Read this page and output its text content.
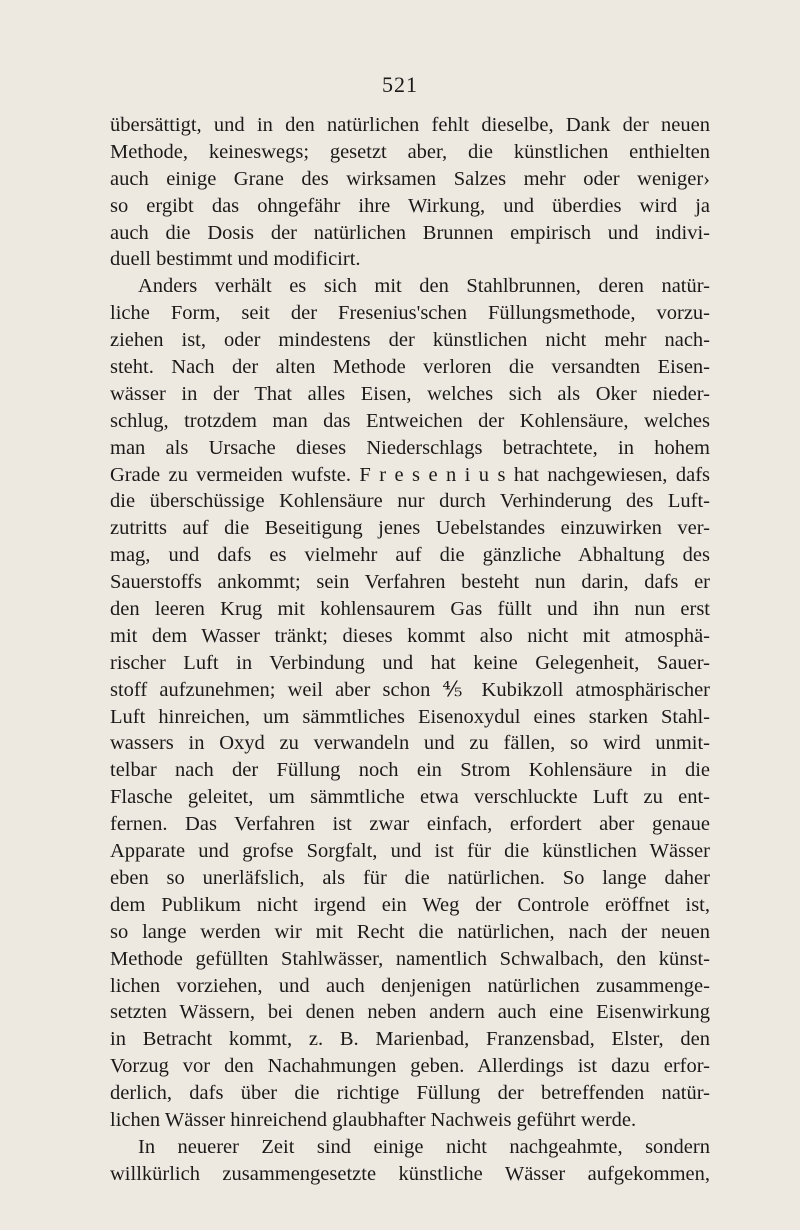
521
übersättigt, und in den natürlichen fehlt dieselbe, Dank der neuen
Methode, keineswegs; gesetzt aber, die künstlichen enthielten
auch einige Grane des wirksamen Salzes mehr oder weniger›
so ergibt das ohngefähr ihre Wirkung, und überdies wird ja
auch die Dosis der natürlichen Brunnen empirisch und indivi-
duell bestimmt und modificirt.
Anders verhält es sich mit den Stahlbrunnen, deren natür-
liche Form, seit der Fresenius'schen Füllungsmethode, vorzu-
ziehen ist, oder mindestens der künstlichen nicht mehr nach-
steht. Nach der alten Methode verloren die versandten Eisen-
wässer in der That alles Eisen, welches sich als Oker nieder-
schlug, trotzdem man das Entweichen der Kohlensäure, welches
man als Ursache dieses Niederschlags betrachtete, in hohem
Grade zu vermeiden wufste. F r e s e n i u s hat nachgewiesen, dafs
die überschüssige Kohlensäure nur durch Verhinderung des Luft-
zutritts auf die Beseitigung jenes Uebelstandes einzuwirken ver-
mag, und dafs es vielmehr auf die gänzliche Abhaltung des
Sauerstoffs ankommt; sein Verfahren besteht nun darin, dafs er
den leeren Krug mit kohlensaurem Gas füllt und ihn nun erst
mit dem Wasser tränkt; dieses kommt also nicht mit atmosphä-
rischer Luft in Verbindung und hat keine Gelegenheit, Sauer-
stoff aufzunehmen; weil aber schon ⅘ Kubikzoll atmosphärischer
Luft hinreichen, um sämmtliches Eisenoxydul eines starken Stahl-
wassers in Oxyd zu verwandeln und zu fällen, so wird unmit-
telbar nach der Füllung noch ein Strom Kohlensäure in die
Flasche geleitet, um sämmtliche etwa verschluckte Luft zu ent-
fernen. Das Verfahren ist zwar einfach, erfordert aber genaue
Apparate und grofse Sorgfalt, und ist für die künstlichen Wässer
eben so unerläfslich, als für die natürlichen. So lange daher
dem Publikum nicht irgend ein Weg der Controle eröffnet ist,
so lange werden wir mit Recht die natürlichen, nach der neuen
Methode gefüllten Stahlwässer, namentlich Schwalbach, den künst-
lichen vorziehen, und auch denjenigen natürlichen zusammenge-
setzten Wässern, bei denen neben andern auch eine Eisenwirkung
in Betracht kommt, z. B. Marienbad, Franzensbad, Elster, den
Vorzug vor den Nachahmungen geben. Allerdings ist dazu erfor-
derlich, dafs über die richtige Füllung der betreffenden natür-
lichen Wässer hinreichend glaubhafter Nachweis geführt werde.
In neuerer Zeit sind einige nicht nachgeahmte, sondern
willkürlich zusammengesetzte künstliche Wässer aufgekommen,
